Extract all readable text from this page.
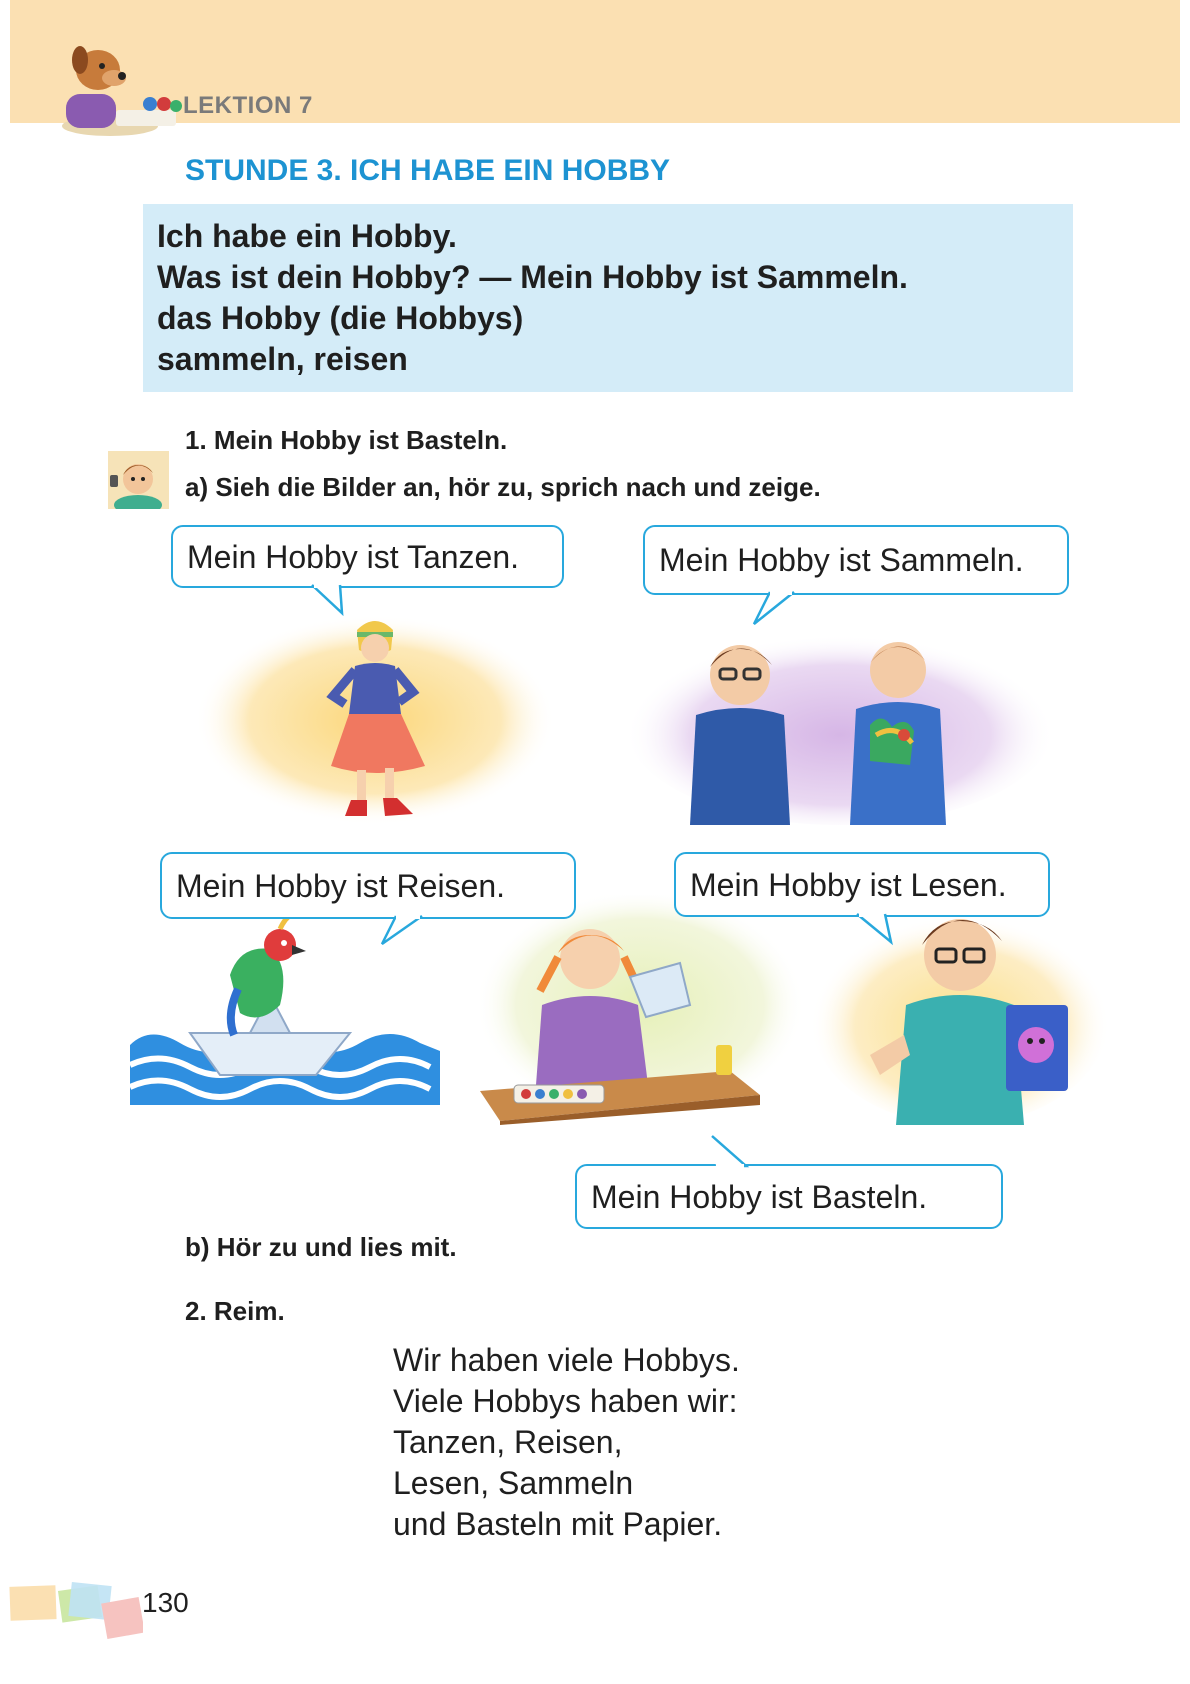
LEKTION 7
STUNDE 3. ICH HABE EIN HOBBY
Ich habe ein Hobby.
Was ist dein Hobby? — Mein Hobby ist Sammeln.
das Hobby (die Hobbys)
sammeln, reisen
1. Mein Hobby ist Basteln.
a) Sieh die Bilder an, hör zu, sprich nach und zeige.
Mein Hobby ist Tanzen.	Mein Hobby ist Sammeln.
Mein Hobby ist Reisen.	Mein Hobby ist Lesen.
Mein Hobby ist Basteln.
b) Hör zu und lies mit.
2. Reim.
Wir haben viele Hobbys.
Viele Hobbys haben wir:
Tanzen, Reisen,
Lesen, Sammeln
und Basteln mit Papier.
130
